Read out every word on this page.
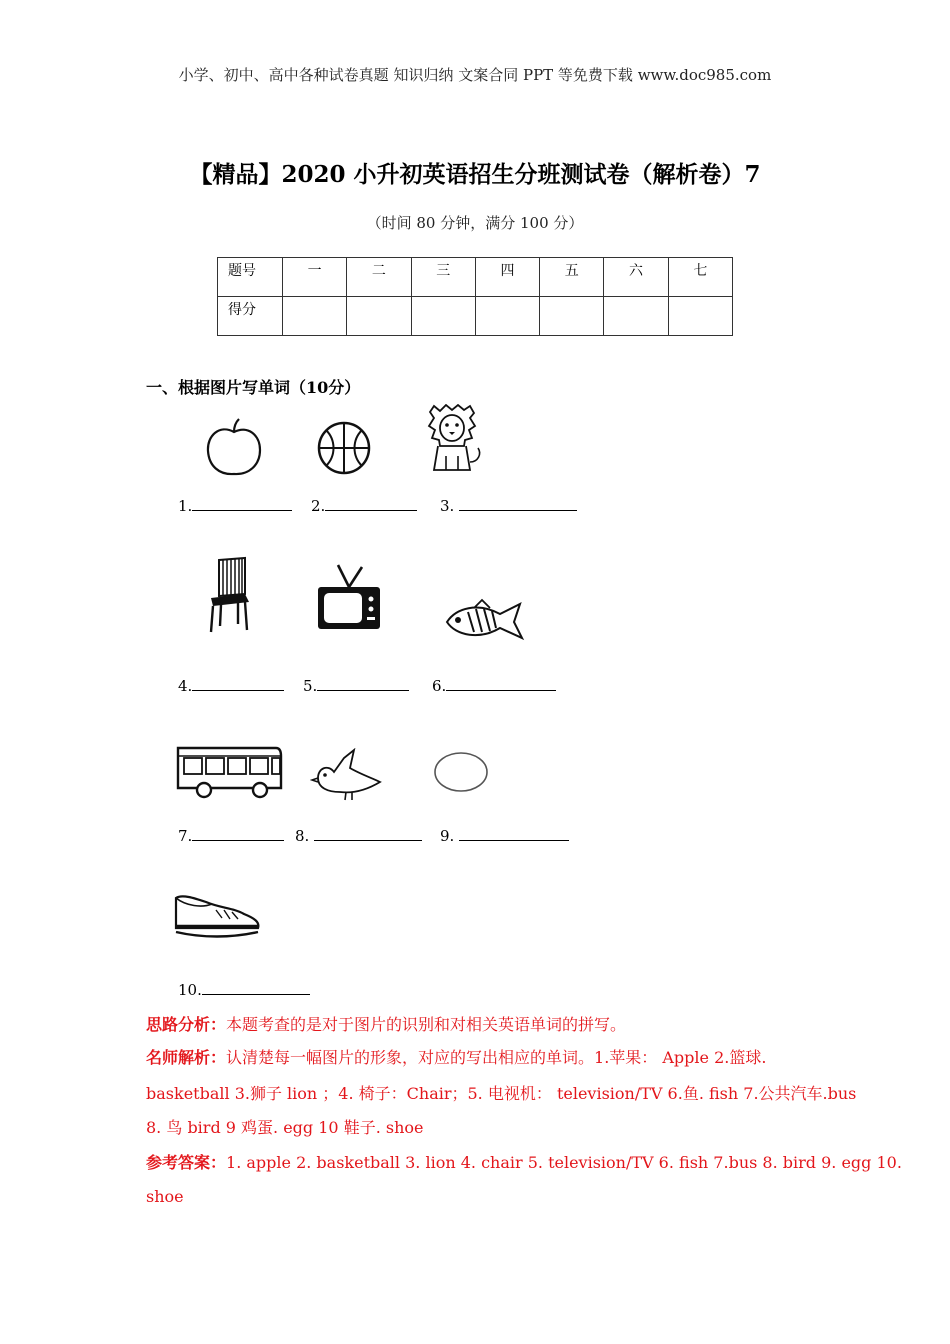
小学、初中、高中各种试卷真题 知识归纳 文案合同 PPT 等免费下载 www.doc985.com
【精品】2020 小升初英语招生分班测试卷（解析卷）7
（时间 80 分钟，满分 100 分）
题号	一	二	三	四	五	六	七
得分							
一、根据图片写单词（10分）
1.	2.	3.
4.	5.	6.
7.	8.	9.
10.
思路分析：本题考查的是对于图片的识别和对相关英语单词的拼写。
名师解析：认清楚每一幅图片的形象，对应的写出相应的单词。1.苹果： Apple 2.篮球.
basketball 3.狮子 lion ；4. 椅子：Chair；5. 电视机： television/TV 6.鱼. fish 7.公共汽车.bus
8. 鸟 bird 9 鸡蛋. egg 10 鞋子. shoe
参考答案：1. apple 2. basketball 3. lion 4. chair 5. television/TV 6. fish 7.bus 8. bird 9. egg 10.
shoe
